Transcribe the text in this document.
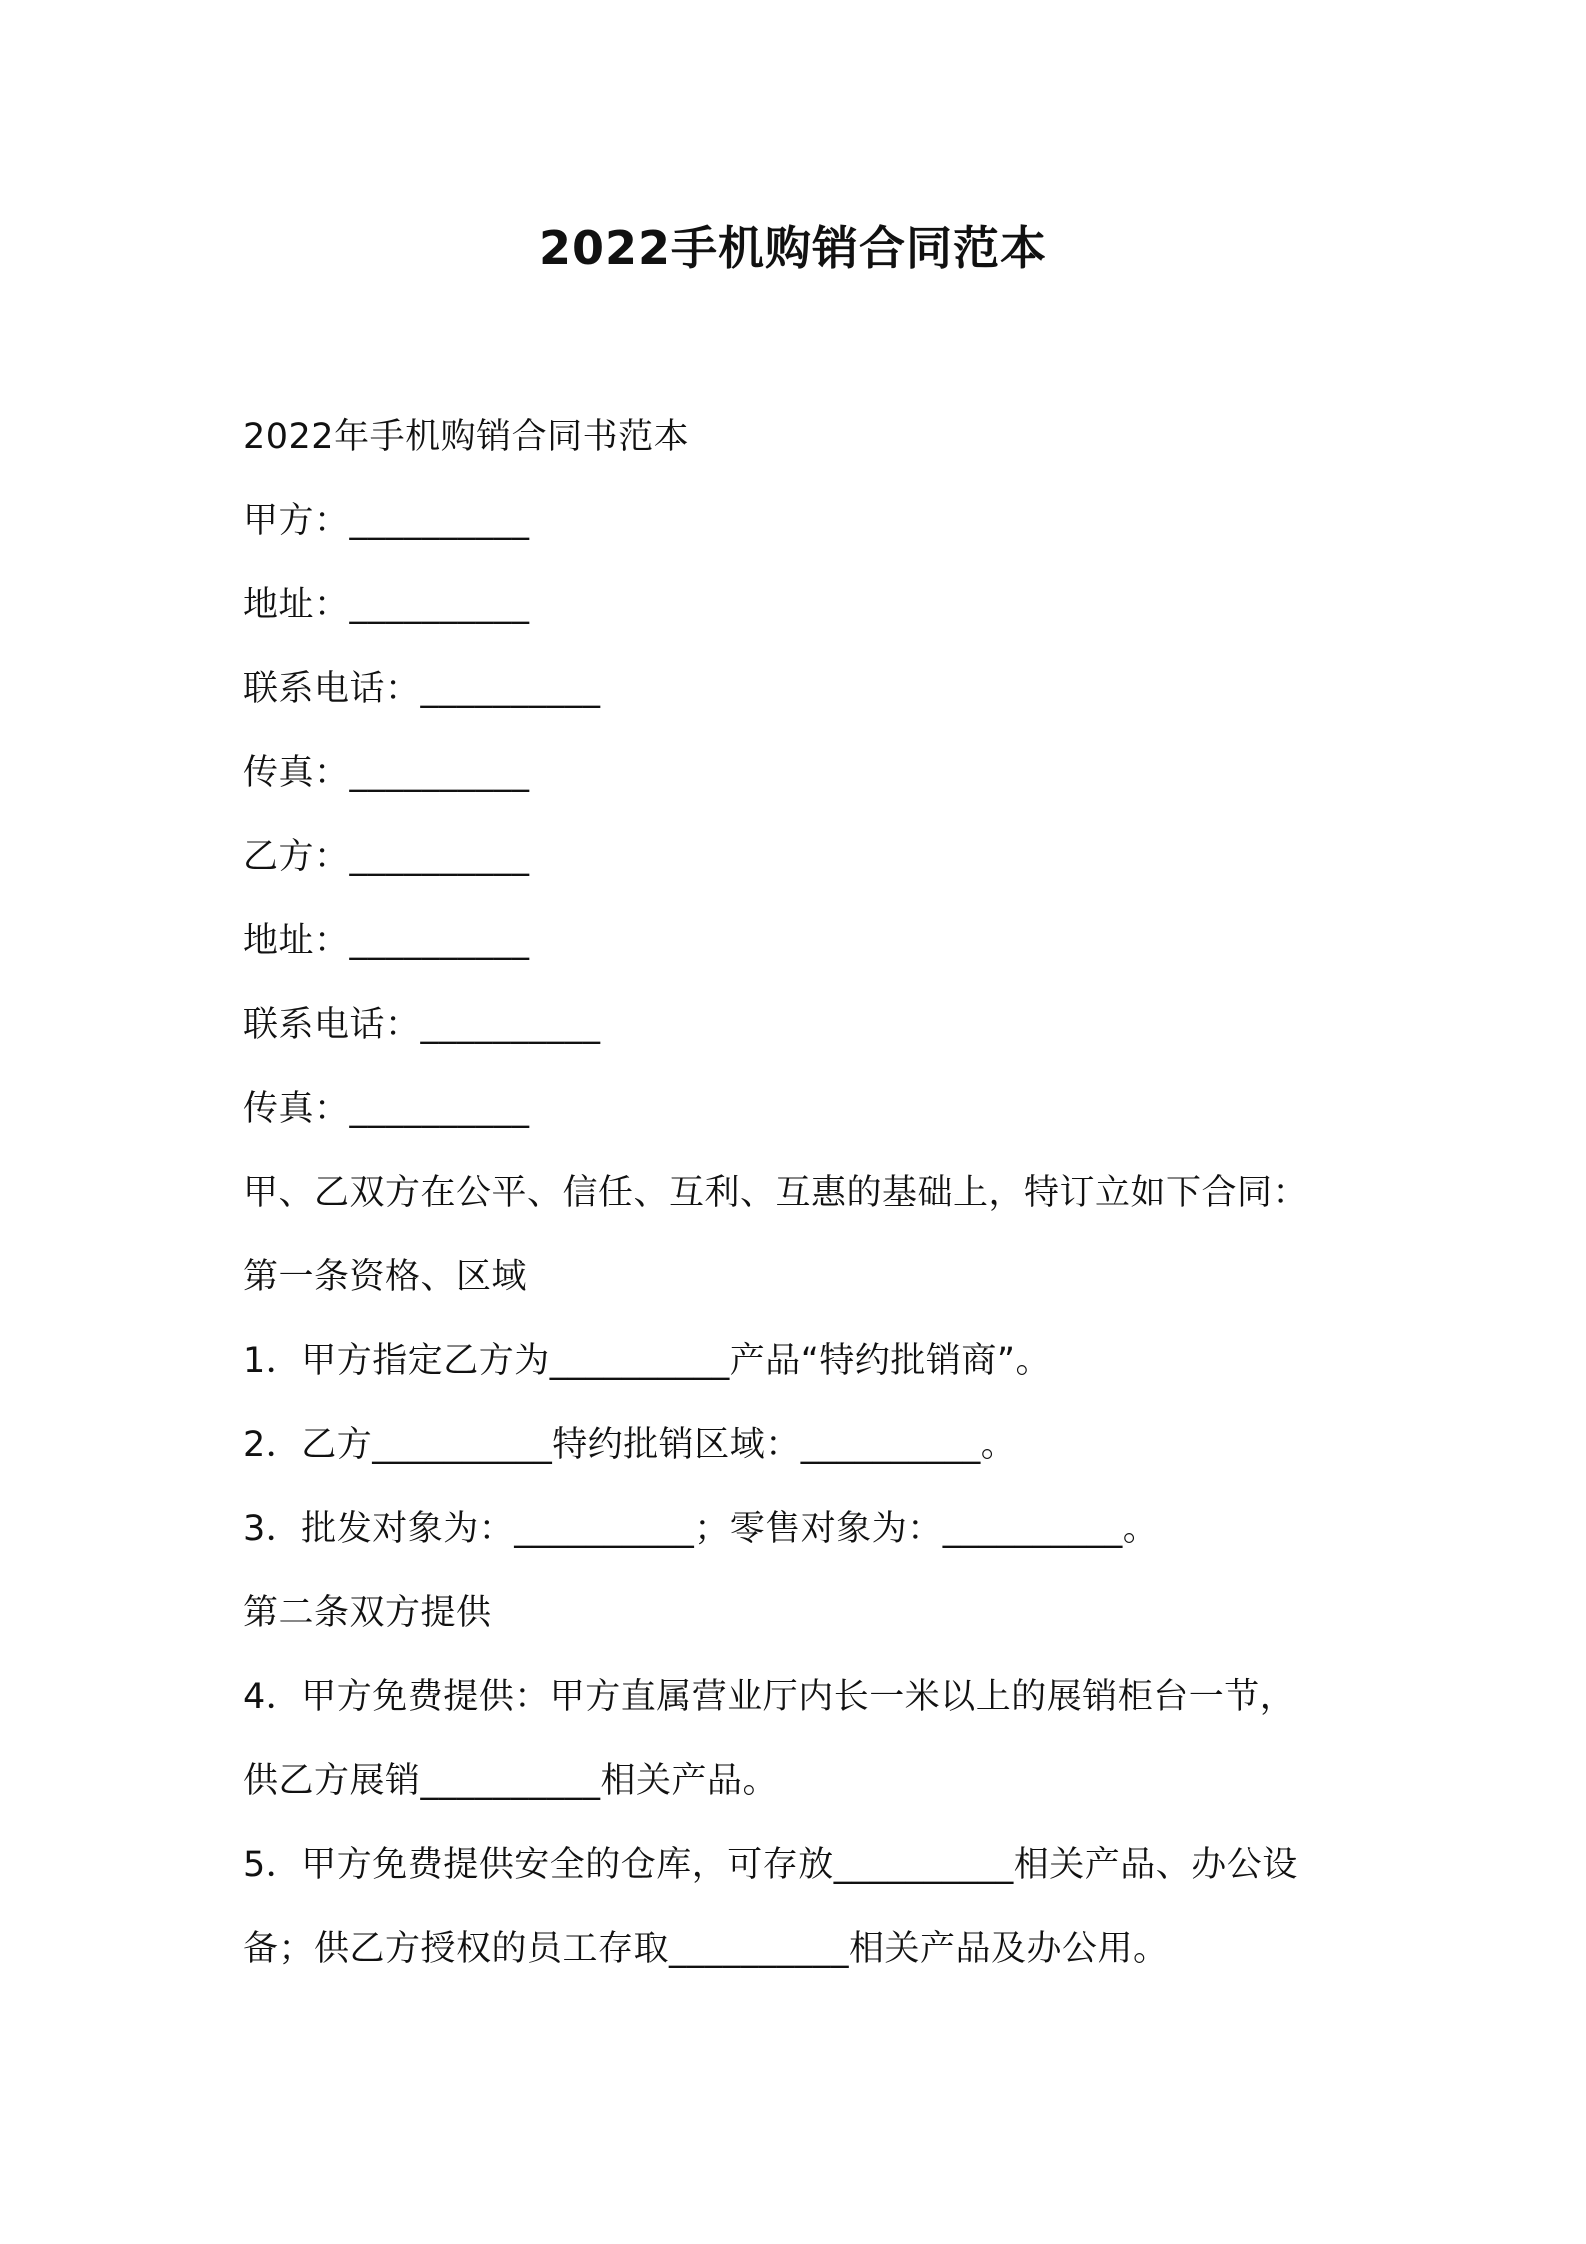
2022手机购销合同范本
2022年手机购销合同书范本
甲方：__________
地址：__________
联系电话：__________
传真：__________
乙方：__________
地址：__________
联系电话：__________
传真：__________
甲、乙双方在公平、信任、互利、互惠的基础上，特订立如下合同：
第一条资格、区域
1．甲方指定乙方为__________产品“特约批销商”。
2．乙方__________特约批销区域：__________。
3．批发对象为：__________；零售对象为：__________。
第二条双方提供
4．甲方免费提供：甲方直属营业厅内长一米以上的展销柜台一节，
供乙方展销__________相关产品。
5．甲方免费提供安全的仓库，可存放__________相关产品、办公设
备；供乙方授权的员工存取__________相关产品及办公用。
